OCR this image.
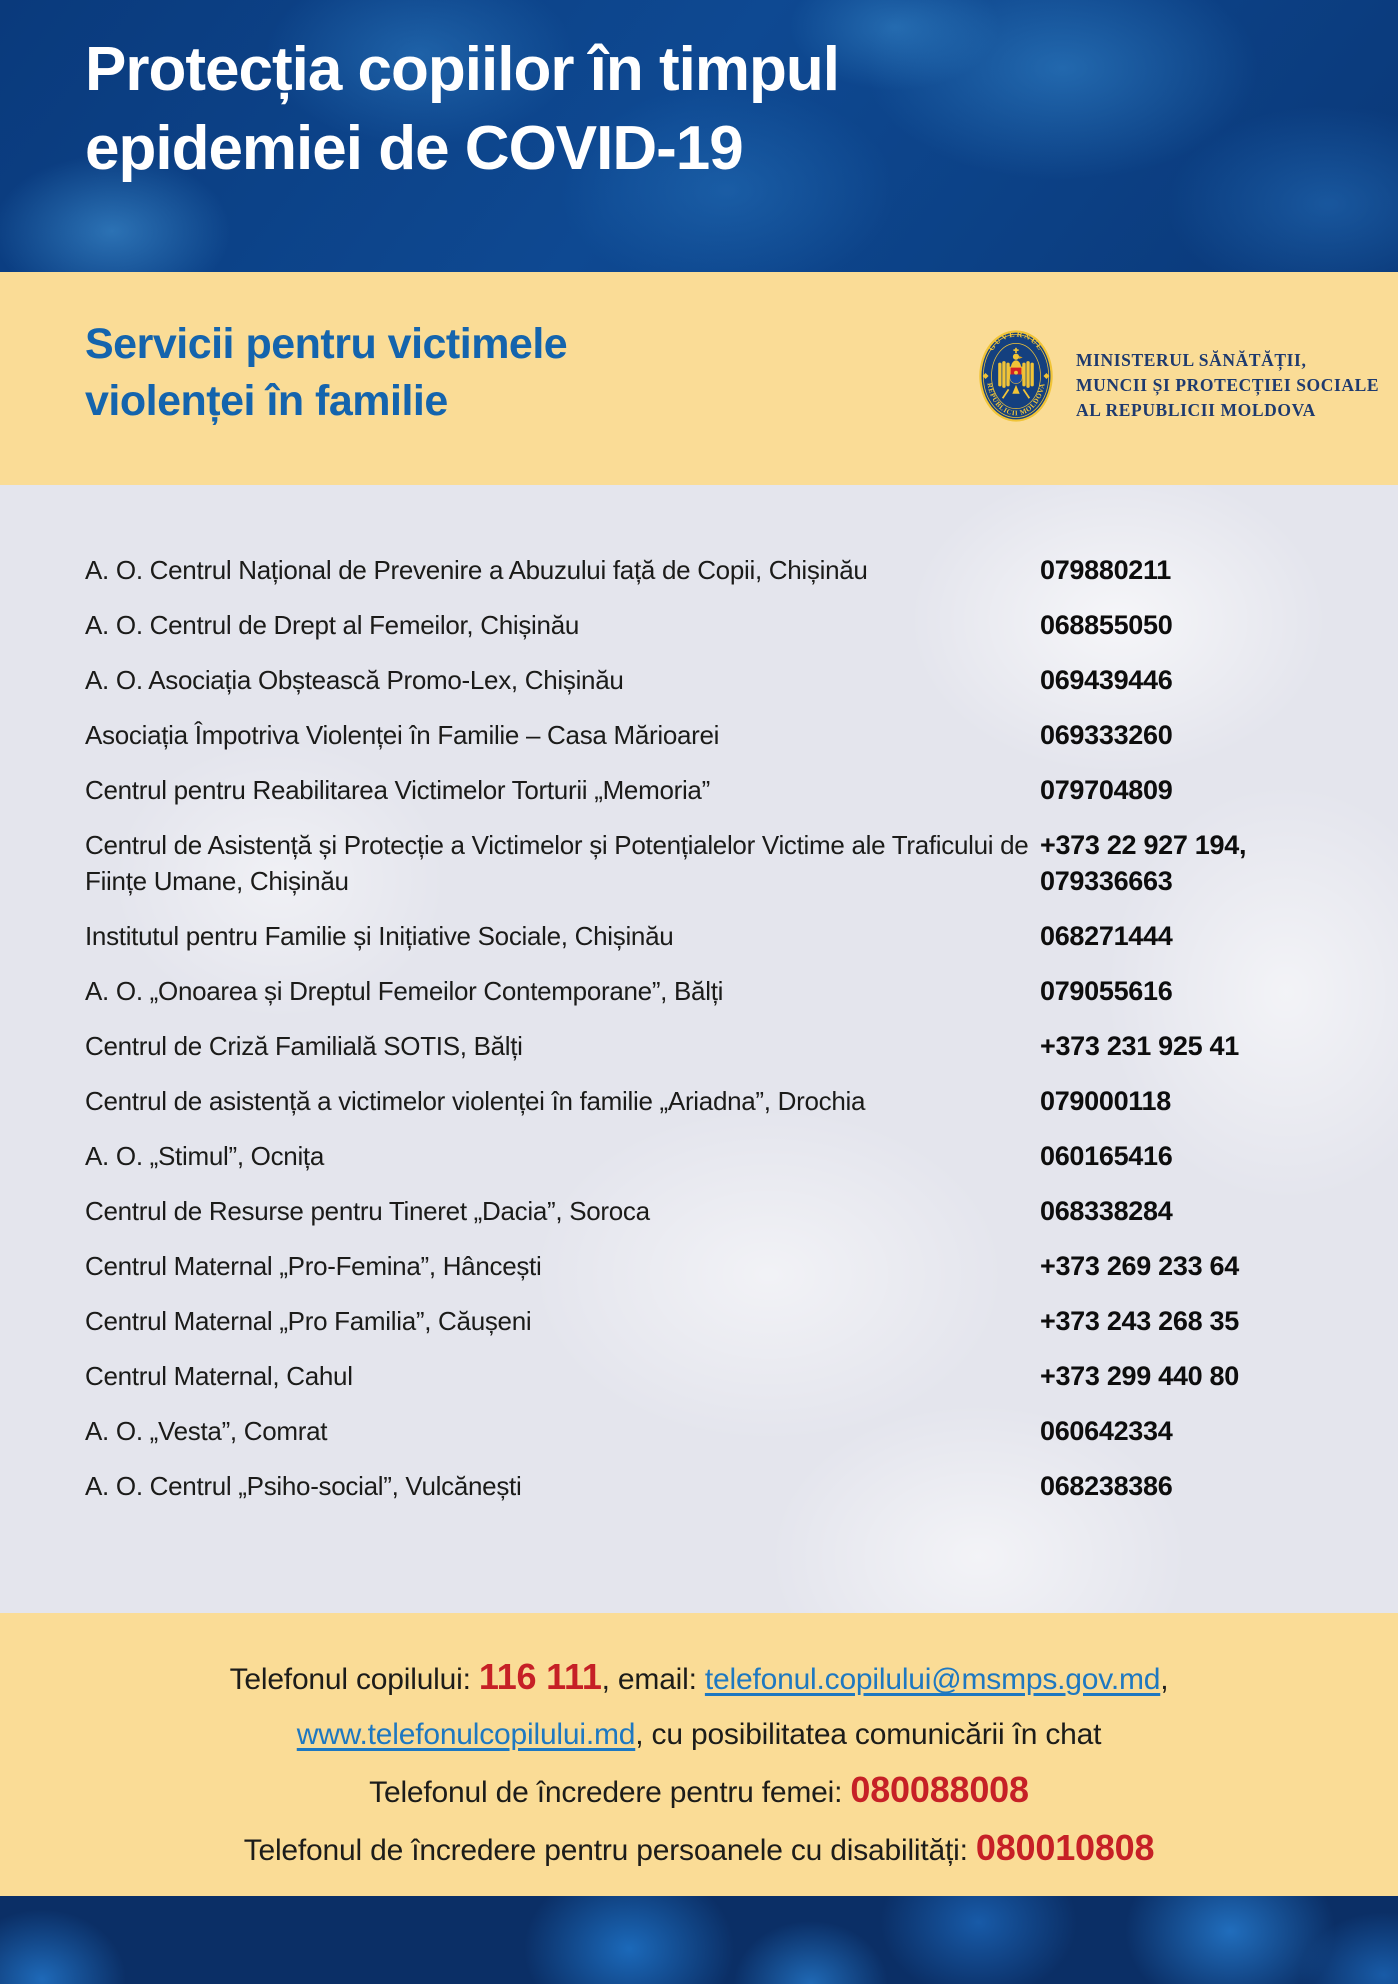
Protecția copiilor în timpul
epidemiei de COVID-19
Servicii pentru victimele
violenței în familie
GUVERNUL
REPUBLICII MOLDOVA
MINISTERUL SĂNĂTĂȚII,
MUNCII ȘI PROTECȚIEI SOCIALE
AL REPUBLICII MOLDOVA
A. O. Centrul Național de Prevenire a Abuzului față de Copii, Chișinău	079880211
A. O. Centrul de Drept al Femeilor, Chișinău	068855050
A. O. Asociația Obștească Promo-Lex, Chișinău	069439446
Asociația Împotriva Violenței în Familie – Casa Mărioarei	069333260
Centrul pentru Reabilitarea Victimelor Torturii „Memoria”	079704809
Centrul de Asistență și Protecție a Victimelor și Potențialelor Victime ale Traficului de Ființe Umane, Chișinău
+373 22 927 194, 079336663
Institutul pentru Familie și Inițiative Sociale, Chișinău	068271444
A. O. „Onoarea și Dreptul Femeilor Contemporane”, Bălți	079055616
Centrul de Criză Familială SOTIS, Bălți	+373 231 925 41
Centrul de asistență a victimelor violenței în familie „Ariadna”, Drochia	079000118
A. O. „Stimul”, Ocnița	060165416
Centrul de Resurse pentru Tineret „Dacia”, Soroca	068338284
Centrul Maternal „Pro-Femina”, Hâncești	+373 269 233 64
Centrul Maternal „Pro Familia”, Căușeni	+373 243 268 35
Centrul Maternal, Cahul	+373 299 440 80
A. O. „Vesta”, Comrat	060642334
A. O. Centrul „Psiho-social”, Vulcănești	068238386
Telefonul copilului: 116 111, email: telefonul.copilului@msmps.gov.md,
www.telefonulcopilului.md, cu posibilitatea comunicării în chat
Telefonul de încredere pentru femei: 080088008
Telefonul de încredere pentru persoanele cu disabilități: 080010808
